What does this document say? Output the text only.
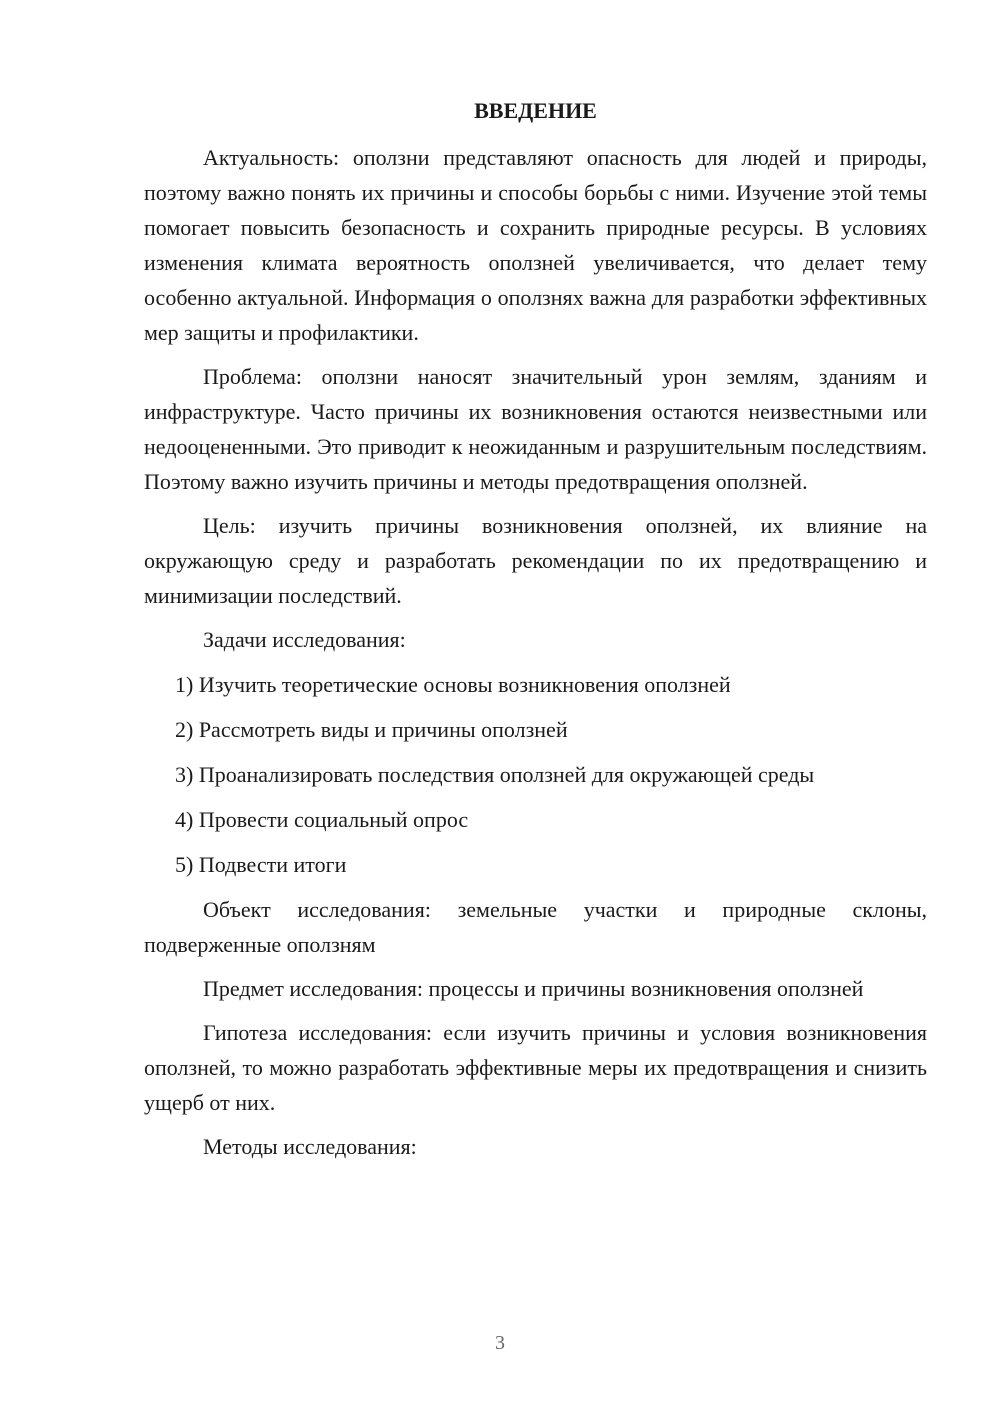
ВВЕДЕНИЕ

Актуальность: оползни представляют опасность для людей и природы, поэтому важно понять их причины и способы борьбы с ними. Изучение этой темы помогает повысить безопасность и сохранить природные ресурсы. В условиях изменения климата вероятность оползней увеличивается, что делает тему особенно актуальной. Информация о оползнях важна для разработки эффективных мер защиты и профилактики.

Проблема: оползни наносят значительный урон землям, зданиям и инфраструктуре. Часто причины их возникновения остаются неизвестными или недооцененными. Это приводит к неожиданным и разрушительным последствиям. Поэтому важно изучить причины и методы предотвращения оползней.

Цель: изучить причины возникновения оползней, их влияние на окружающую среду и разработать рекомендации по их предотвращению и минимизации последствий.

Задачи исследования:

1) Изучить теоретические основы возникновения оползней
2) Рассмотреть виды и причины оползней
3) Проанализировать последствия оползней для окружающей среды
4) Провести социальный опрос
5) Подвести итоги

Объект исследования: земельные участки и природные склоны, подверженные оползням

Предмет исследования: процессы и причины возникновения оползней

Гипотеза исследования: если изучить причины и условия возникновения оползней, то можно разработать эффективные меры их предотвращения и снизить ущерб от них.

Методы исследования:

3
